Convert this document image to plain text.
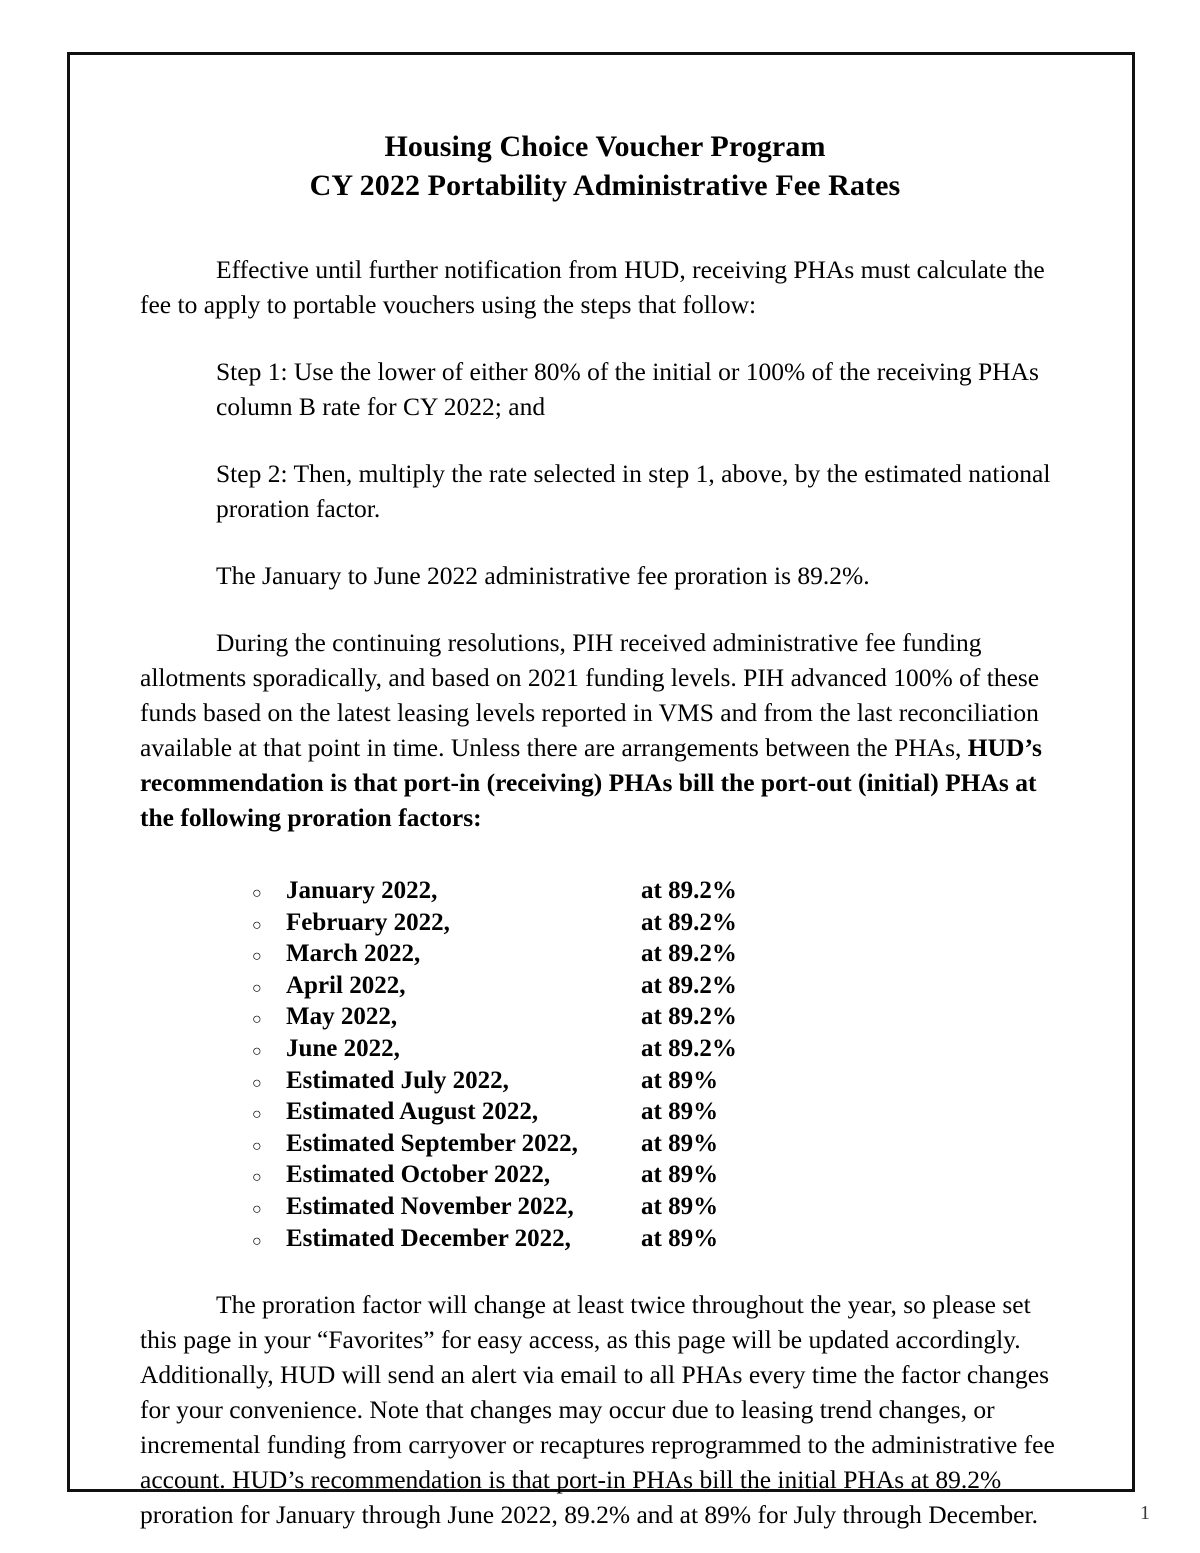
Housing Choice Voucher Program
CY 2022 Portability Administrative Fee Rates

Effective until further notification from HUD, receiving PHAs must calculate the fee to apply to portable vouchers using the steps that follow:

Step 1: Use the lower of either 80% of the initial or 100% of the receiving PHAs column B rate for CY 2022; and

Step 2: Then, multiply the rate selected in step 1, above, by the estimated national proration factor.

The January to June 2022 administrative fee proration is 89.2%.

During the continuing resolutions, PIH received administrative fee funding allotments sporadically, and based on 2021 funding levels. PIH advanced 100% of these funds based on the latest leasing levels reported in VMS and from the last reconciliation available at that point in time. Unless there are arrangements between the PHAs, HUD’s recommendation is that port-in (receiving) PHAs bill the port-out (initial) PHAs at the following proration factors:

○ January 2022,	at 89.2%
○ February 2022,	at 89.2%
○ March 2022,	at 89.2%
○ April 2022,	at 89.2%
○ May 2022,	at 89.2%
○ June 2022,	at 89.2%
○ Estimated July 2022,	at 89%
○ Estimated August 2022,	at 89%
○ Estimated September 2022,	at 89%
○ Estimated October 2022,	at 89%
○ Estimated November 2022,	at 89%
○ Estimated December 2022,	at 89%

The proration factor will change at least twice throughout the year, so please set this page in your “Favorites” for easy access, as this page will be updated accordingly. Additionally, HUD will send an alert via email to all PHAs every time the factor changes for your convenience. Note that changes may occur due to leasing trend changes, or incremental funding from carryover or recaptures reprogrammed to the administrative fee account. HUD’s recommendation is that port-in PHAs bill the initial PHAs at 89.2% proration for January through June 2022, 89.2% and at 89% for July through December.	1
